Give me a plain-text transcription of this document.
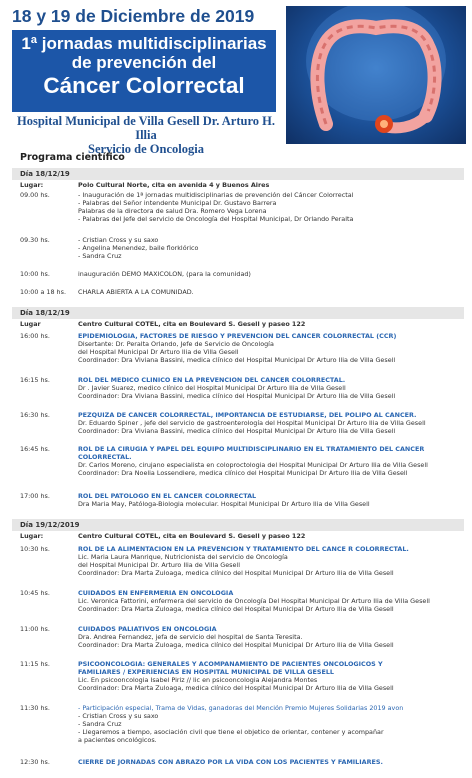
18 y 19 de Diciembre de 2019
1ª jornadas multidisciplinarias
de prevención del
Cáncer Colorrectal
Hospital Municipal de Villa Gesell Dr. Arturo H. Illia
Servicio de Oncologia
Programa científico
Día 18/12/19
Lugar:	Polo Cultural Norte, cita en avenida 4 y Buenos Aires
09.00 hs.	- Inauguración de 1ª jornadas multidisciplinarias de prevención del Cáncer Colorrectal
- Palabras del Señor intendente Municipal Dr. Gustavo Barrera
Palabras de la directora de salud Dra. Romero Vega Lorena
- Palabras del Jefe del servicio de Oncología del Hospital Municipal, Dr Orlando Peralta
09.30 hs.	- Cristian Cross y su saxo
- Angelina Menendez, baile florklórico
- Sandra Cruz
10:00 hs.	inauguración DEMO MAXICOLON, (para la comunidad)
10:00 a 18 hs.	CHARLA ABIERTA A LA COMUNIDAD.
Día 18/12/19
Lugar	Centro Cultural COTEL, cita en Boulevard S. Gesell y paseo 122
16:00 hs.	EPIDEMIOLOGIA, FACTORES DE RIESGO Y PREVENCION DEL CANCER COLORRECTAL (CCR)
Disertante: Dr. Peralta Orlando, Jefe de Servicio de Oncología
del Hospital Municipal Dr Arturo Ilia de Villa Gesell
Coordinador: Dra Viviana Bassini, medica clínico del Hospital Municipal Dr Arturo Ilia de Villa Gesell
16:15 hs.	ROL DEL MEDICO CLINICO EN LA PREVENCION DEL CANCER COLORRECTAL.
Dr . Javier Suarez, medico clínico del Hospital Municipal Dr Arturo Ilia de Villa Gesell
Coordinador: Dra Viviana Bassini, medica clínico del Hospital Municipal Dr Arturo Ilia de Villa Gesell
16:30 hs.	PEZQUIZA DE CANCER COLORRECTAL, IMPORTANCIA DE ESTUDIARSE, DEL POLIPO AL CANCER.
Dr. Eduardo Spiner , jefe del servicio de gastroenterología del Hospital Municipal Dr Arturo Ilia de Villa Gesell
Coordinador: Dra Viviana Bassini, medica clínico del Hospital Municipal Dr Arturo Ilia de Villa Gesell
16:45 hs.	ROL DE LA CIRUGIA Y PAPEL DEL EQUIPO MULTIDISCIPLINARIO EN EL TRATAMIENTO DEL CANCER
COLORRECTAL.
Dr. Carlos Moreno, cirujano especialista en coloproctologia del Hospital Municipal Dr Arturo Ilia de Villa Gesell
Coordinador: Dra Noelia Lossendiere, medica clínico del Hospital Municipal Dr Arturo Ilia de Villa Gesell
17:00 hs.	ROL DEL PATOLOGO EN EL CANCER COLORRECTAL
Dra Maria May, Patóloga-Biologia molecular. Hospital Municipal Dr Arturo Ilia de Villa Gesell
Día 19/12/2019
Lugar:	Centro Cultural COTEL, cita en Boulevard S. Gesell y paseo 122
10:30 hs.	ROL DE LA ALIMENTACION EN LA PREVENCION Y TRATAMIENTO DEL CANCE R COLORRECTAL.
Lic. Maria Laura Manrique, Nutricionista del servicio de Oncología
del Hospital Municipal Dr. Arturo Ilia de Villa Gesell
Coordinador: Dra Marta Zuloaga, medica clínico del Hospital Municipal Dr Arturo Ilia de Villa Gesell
10:45 hs.	CUIDADOS EN ENFERMERIA EN ONCOLOGIA
Lic. Veronica Fattorini, enfermera del servicio de Oncología Del Hospital Municipal Dr Arturo Ilia de Villa Gesell
Coordinador: Dra Marta Zuloaga, medica clínico del Hospital Municipal Dr Arturo Ilia de Villa Gesell
11:00 hs.	CUIDADOS PALIATIVOS EN ONCOLOGIA
Dra. Andrea Fernandez, jefa de servicio del hospital de Santa Teresita.
Coordinador: Dra Marta Zuloaga, medica clínico del Hospital Municipal Dr Arturo Ilia de Villa Gesell
11:15 hs.	PSICOONCOLOGIA: GENERALES Y ACOMPAÑAMIENTO DE PACIENTES ONCOLOGICOS Y
FAMILIARES / EXPERIENCIAS EN HOSPITAL MUNICIPAL DE VILLA GESELL
Lic. En psicooncologia Isabel Piriz // lic en psicooncologia Alejandra Montes
Coordinador: Dra Marta Zuloaga, medica clínico del Hospital Municipal Dr Arturo Ilia de Villa Gesell
11:30 hs.	- Participación especial, Trama de Vidas, ganadoras del Mención Premio Mujeres Solidarias 2019 avon
- Cristian Cross y su saxo
- Sandra Cruz
- Llegaremos a tiempo, asociación civil que tiene el objetico de orientar, contener y acompañar
a pacientes oncológicos.
12:30 hs.	CIERRE DE JORNADAS CON ABRAZO POR LA VIDA CON LOS PACIENTES Y FAMILIARES.
